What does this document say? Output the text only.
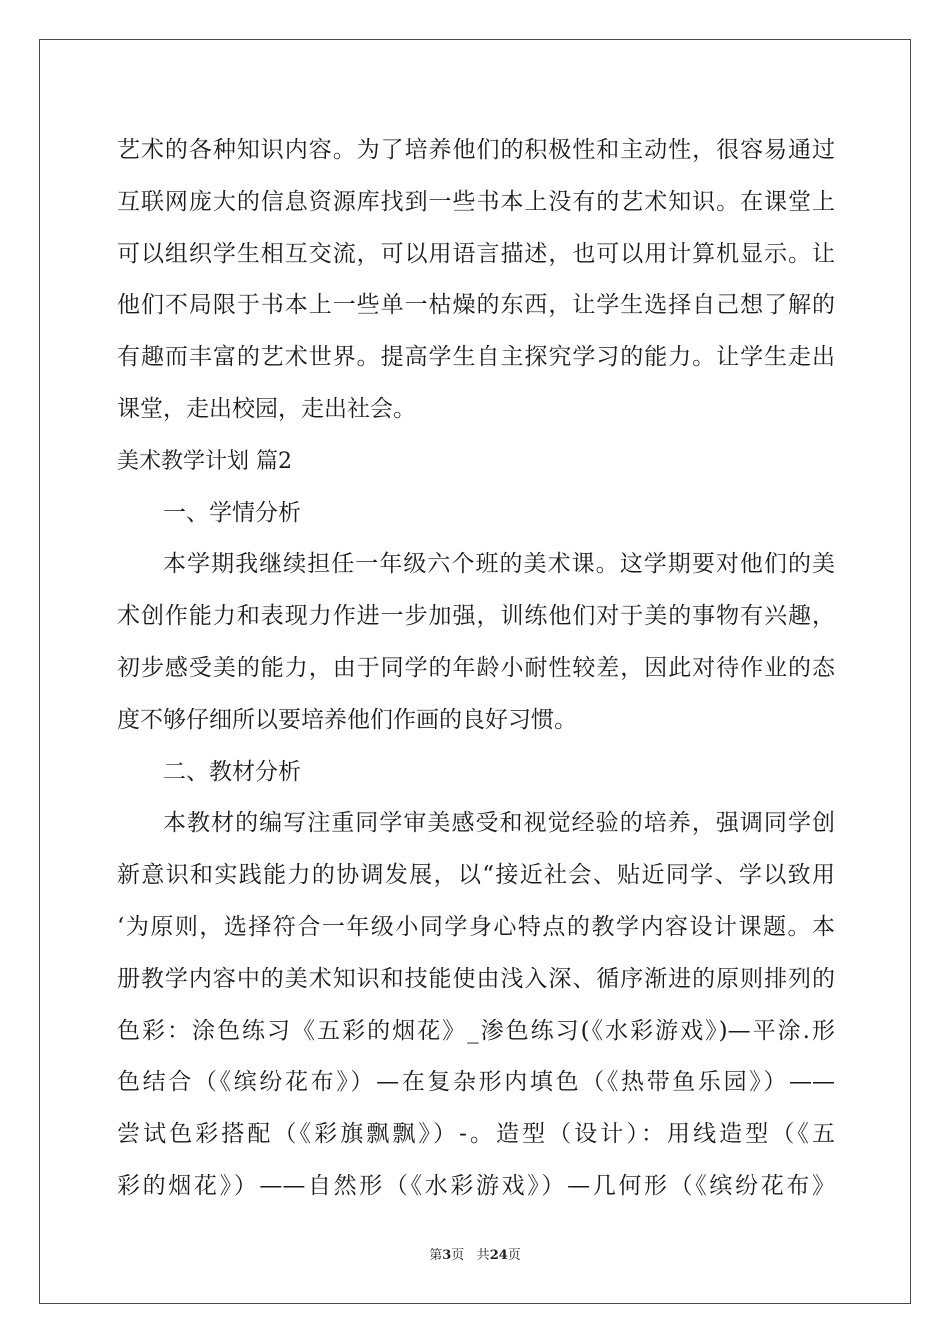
艺术的各种知识内容。为了培养他们的积极性和主动性，很容易通过
互联网庞大的信息资源库找到一些书本上没有的艺术知识。在课堂上
可以组织学生相互交流，可以用语言描述，也可以用计算机显示。让
他们不局限于书本上一些单一枯燥的东西，让学生选择自己想了解的
有趣而丰富的艺术世界。提高学生自主探究学习的能力。让学生走出
课堂，走出校园，走出社会。
美术教学计划 篇2
一、学情分析
本学期我继续担任一年级六个班的美术课。这学期要对他们的美
术创作能力和表现力作进一步加强，训练他们对于美的事物有兴趣，
初步感受美的能力，由于同学的年龄小耐性较差，因此对待作业的态
度不够仔细所以要培养他们作画的良好习惯。
二、教材分析
本教材的编写注重同学审美感受和视觉经验的培养，强调同学创
新意识和实践能力的协调发展，以“接近社会、贴近同学、学以致用
‘为原则，选择符合一年级小同学身心特点的教学内容设计课题。本
册教学内容中的美术知识和技能使由浅入深、循序渐进的原则排列的
色彩：涂色练习《五彩的烟花》_渗色练习(《水彩游戏》)—平涂.形
色结合（《缤纷花布》）—在复杂形内填色（《热带鱼乐园》）——
尝试色彩搭配（《彩旗飘飘》）-。造型（设计）：用线造型（《五
彩的烟花》）——自然形（《水彩游戏》）—几何形（《缤纷花布》
第3页 共24页
